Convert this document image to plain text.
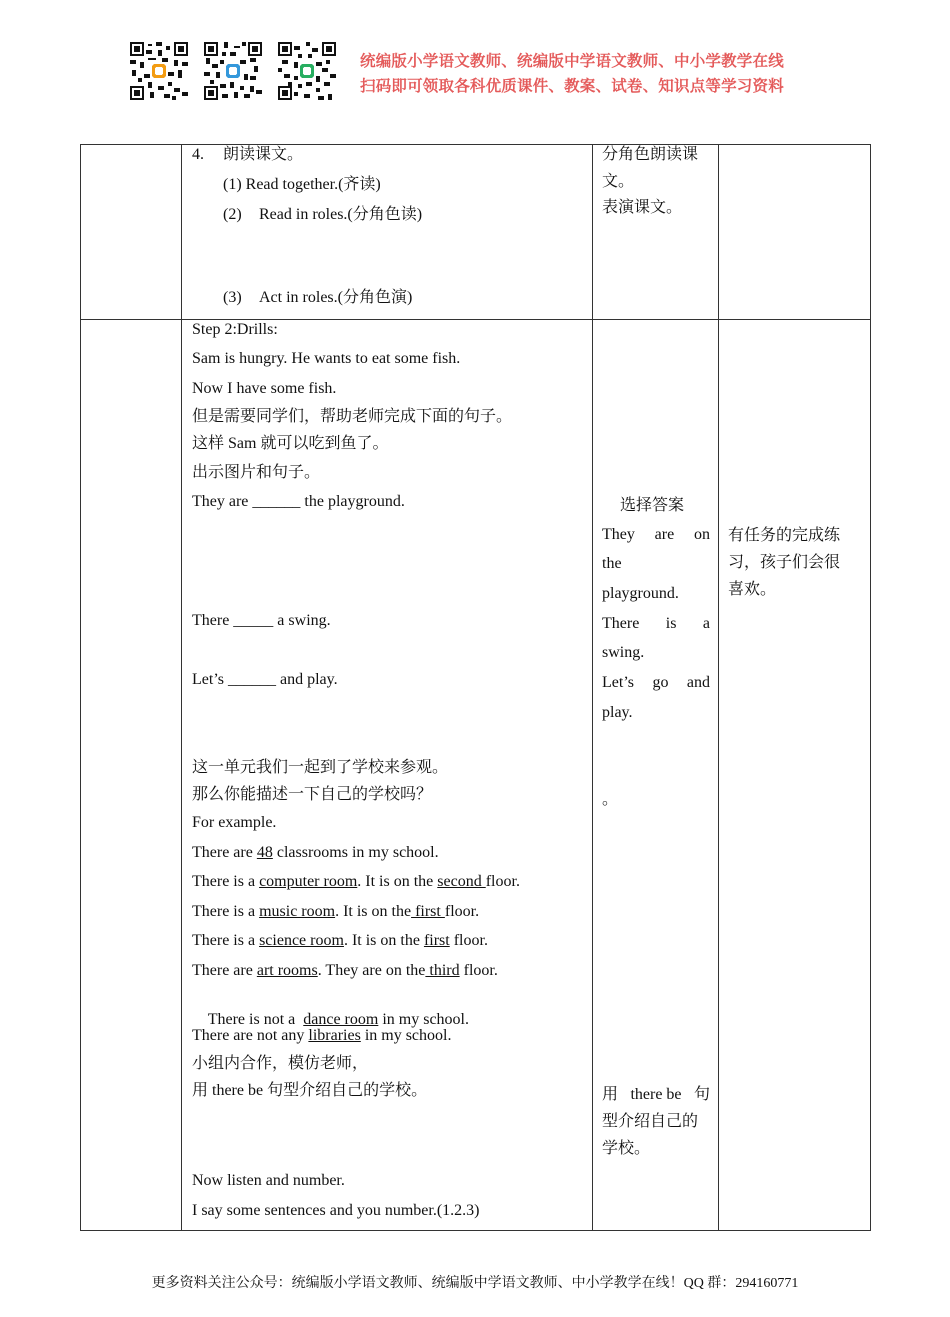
统编版小学语文教师、统编版中学语文教师、中小学教学在线
扫码即可领取各科优质课件、教案、试卷、知识点等学习资料
4. 朗读课文。
(1) Read together.(齐读)
(2) Read in roles.(分角色读)
(3) Act in roles.(分角色演)
分角色朗读课
文。
表演课文。
Step 2:Drills:
Sam is hungry. He wants to eat some fish.
Now I have some fish.
但是需要同学们，帮助老师完成下面的句子。
这样 Sam 就可以吃到鱼了。
出示图片和句子。
They are ______ the playground.
There _____ a swing.
Let’s ______ and play.
这一单元我们一起到了学校来参观。
那么你能描述一下自己的学校吗？
For example.
There are 48 classrooms in my school.
There is a computer room. It is on the second floor.
There is a music room. It is on the first floor.
There is a science room. It is on the first floor.
There are art rooms. They are on the third floor.

There is not a  dance room in my school.

There are not any libraries in my school.
小组内合作，模仿老师，
用 there be 句型介绍自己的学校。
Now listen and number.
I say some sentences and you number.(1.2.3)
选择答案
They are on
the
playground.
There is a
swing.
Let’s go and
play.
。
用 there be 句
型介绍自己的
学校。
有任务的完成练
习，孩子们会很
喜欢。
更多资料关注公众号：统编版小学语文教师、统编版中学语文教师、中小学教学在线！QQ 群：294160771
